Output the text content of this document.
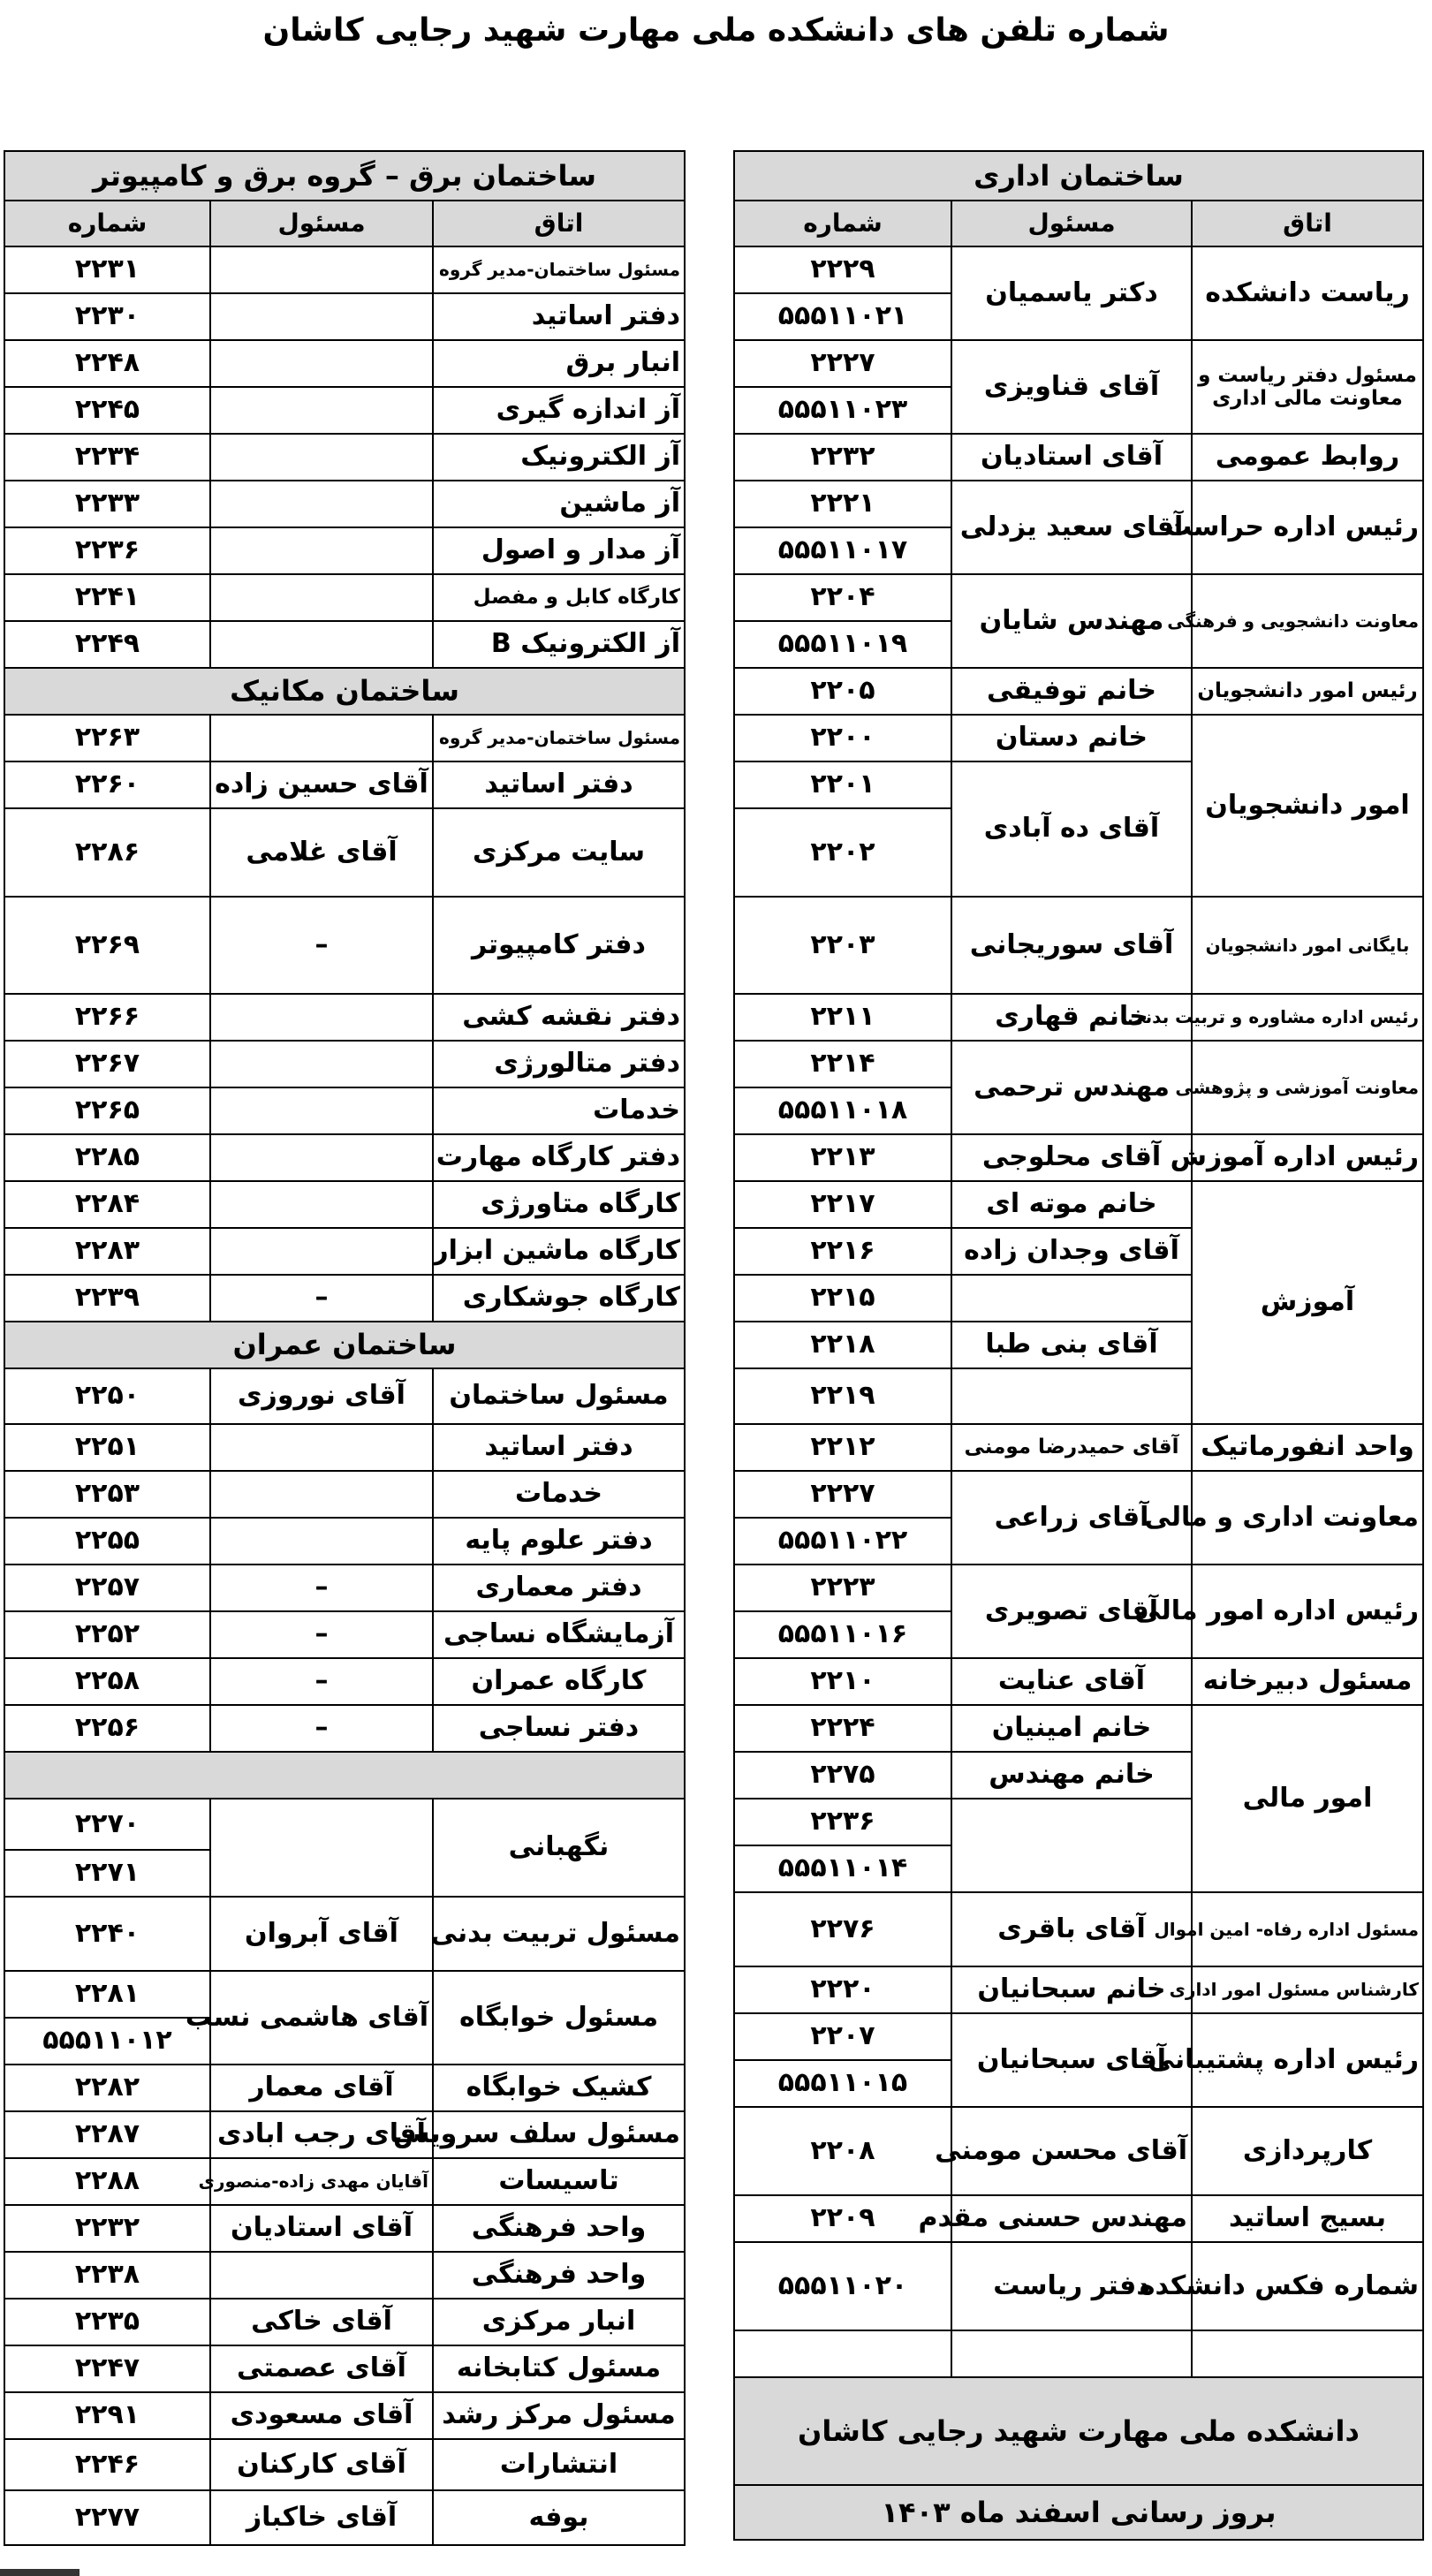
شماره تلفن های دانشکده ملی مهارت شهید رجایی کاشان
ساختمان اداری		
اتاق	مسئول	شماره
ریاست دانشکده	دکتر یاسمیان	۲۲۲۹
		۵۵۵۱۱۰۲۱
مسئول دفتر ریاست و معاونت مالی اداری	آقای قناویزی	۲۲۲۷
		۵۵۵۱۱۰۲۳
روابط عمومی	آقای استادیان	۲۲۳۲
رئیس اداره حراست	آقای سعید یزدلی	۲۲۲۱
		۵۵۵۱۱۰۱۷
معاونت دانشجویی و فرهنگی	مهندس شایان	۲۲۰۴
		۵۵۵۱۱۰۱۹
رئیس امور دانشجویان	خانم توفیقی	۲۲۰۵
امور دانشجویان	خانم دستان	۲۲۰۰
	آقای ده آبادی	۲۲۰۱
		۲۲۰۲
بایگانی امور دانشجویان	آقای سوریجانی	۲۲۰۳
رئیس اداره مشاوره و تربیت بدنی	خانم قهاری	۲۲۱۱
معاونت آموزشی و پژوهشی	مهندس ترحمی	۲۲۱۴
		۵۵۵۱۱۰۱۸
رئیس اداره آموزش	آقای محلوجی	۲۲۱۳
آموزش	خانم موته ای	۲۲۱۷
	آقای وجدان زاده	۲۲۱۶
		۲۲۱۵
	آقای بنی طبا	۲۲۱۸
		۲۲۱۹
واحد انفورماتیک	آقای حمیدرضا مومنی	۲۲۱۲
معاونت اداری و مالی	آقای زراعی	۲۲۲۷
		۵۵۵۱۱۰۲۲
رئیس اداره امور مالی	آقای تصویری	۲۲۲۳
		۵۵۵۱۱۰۱۶
مسئول دبیرخانه	آقای عنایت	۲۲۱۰
امور مالی	خانم امینیان	۲۲۲۴
	خانم مهندس	۲۲۷۵
		۲۲۳۶
		۵۵۵۱۱۰۱۴
مسئول اداره رفاه- امین اموال	آقای باقری	۲۲۷۶
کارشناس مسئول امور اداری	خانم سبحانیان	۲۲۲۰
رئیس اداره پشتیبانی	آقای سبحانیان	۲۲۰۷
		۵۵۵۱۱۰۱۵
کارپردازی	آقای محسن مومنی	۲۲۰۸
بسیج اساتید	مهندس حسنی مقدم	۲۲۰۹
شماره فکس دانشکده	دفتر ریاست	۵۵۵۱۱۰۲۰

دانشکده ملی مهارت شهید رجایی کاشان		
بروز رسانی اسفند ماه ۱۴۰۳		
ساختمان برق – گروه برق و کامپیوتر		
اتاق	مسئول	شماره
مسئول ساختمان-مدیر گروه		۲۲۳۱
دفتر اساتید		۲۲۳۰
انبار برق		۲۲۴۸
آز اندازه گیری		۲۲۴۵
آز الکترونیک		۲۲۳۴
آز ماشین		۲۲۳۳
آز مدار و اصول		۲۲۳۶
کارگاه کابل و مفصل		۲۲۴۱
آز الکترونیک B		۲۲۴۹
ساختمان مکانیک		
مسئول ساختمان-مدیر گروه		۲۲۶۳
دفتر اساتید	آقای حسین زاده	۲۲۶۰
سایت مرکزی	آقای غلامی	۲۲۸۶
دفتر کامپیوتر	–	۲۲۶۹
دفتر نقشه کشی		۲۲۶۶
دفتر متالورژی		۲۲۶۷
خدمات		۲۲۶۵
دفتر کارگاه مهارت		۲۲۸۵
کارگاه متاورژی		۲۲۸۴
کارگاه ماشین ابزار		۲۲۸۳
کارگاه جوشکاری	–	۲۲۳۹
ساختمان عمران		
مسئول ساختمان	آقای نوروزی	۲۲۵۰
دفتر اساتید		۲۲۵۱
خدمات		۲۲۵۳
دفتر علوم پایه		۲۲۵۵
دفتر معماری	–	۲۲۵۷
آزمایشگاه نساجی	–	۲۲۵۲
کارگاه عمران	–	۲۲۵۸
دفتر نساجی	–	۲۲۵۶

نگهبانی		۲۲۷۰
		۲۲۷۱
مسئول تربیت بدنی	آقای آبروان	۲۲۴۰
مسئول خوابگاه	آقای هاشمی نسب	۲۲۸۱
		۵۵۵۱۱۰۱۲
کشیک خوابگاه	آقای معمار	۲۲۸۲
مسئول سلف سرویس	آقای رجب ابادی	۲۲۸۷
تاسیسات	آقایان مهدی زاده-منصوری	۲۲۸۸
واحد فرهنگی	آقای استادیان	۲۲۳۲
واحد فرهنگی		۲۲۳۸
انبار مرکزی	آقای خاکی	۲۲۳۵
مسئول کتابخانه	آقای عصمتی	۲۲۴۷
مسئول مرکز رشد	آقای مسعودی	۲۲۹۱
انتشارات	آقای کارکنان	۲۲۴۶
بوفه	آقای خاکباز	۲۲۷۷
